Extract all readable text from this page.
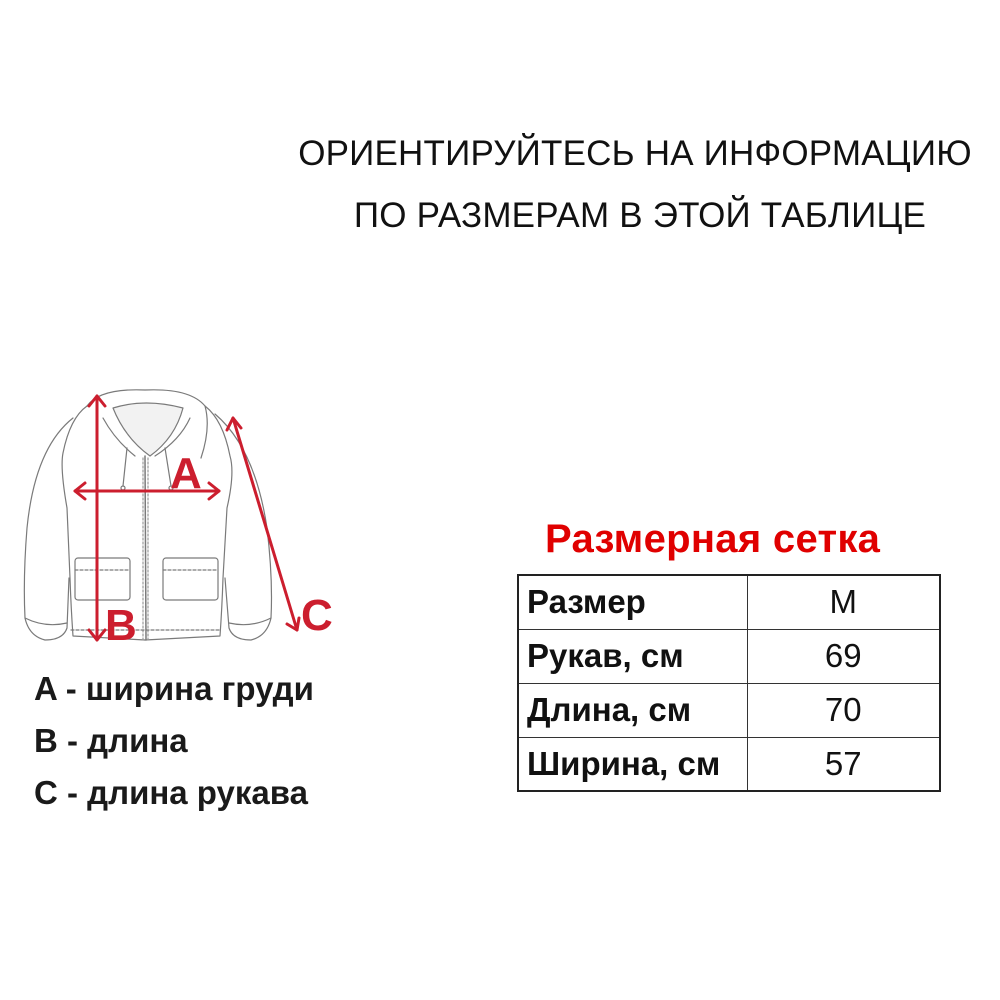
ОРИЕНТИРУЙТЕСЬ НА ИНФОРМАЦИЮ
ПО РАЗМЕРАМ В ЭТОЙ ТАБЛИЦЕ
A
B	C
A - ширина груди
B - длина
C - длина рукава
Размерная сетка
Размер	M
Рукав, см	69
Длина, см	70
Ширина, см	57
